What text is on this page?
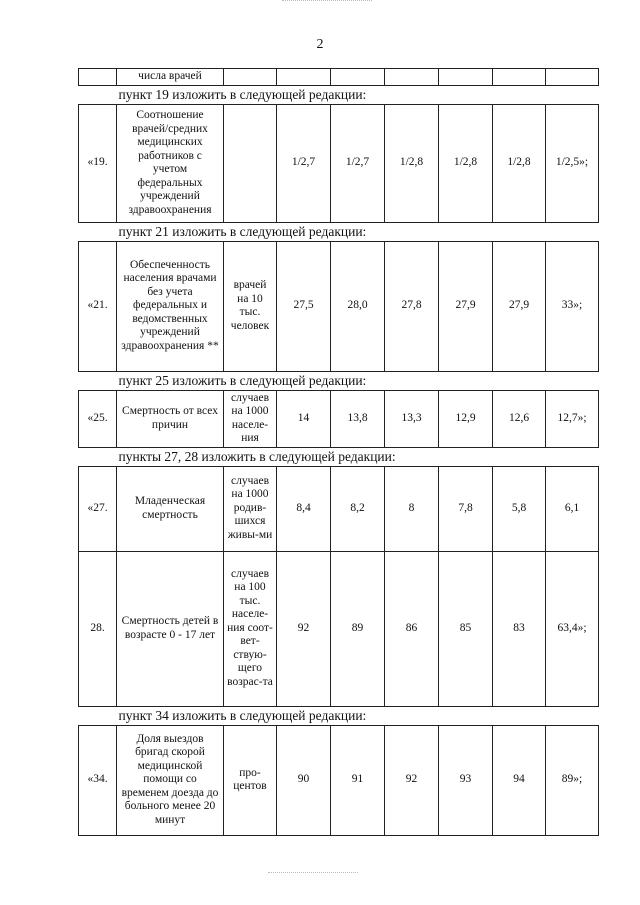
2
	числа врачей							
пункт 19 изложить в следующей редакции:								
«19.	Соотношение врачей/средних медицинских работников с учетом федеральных учреждений здравоохранения		1/2,7	1/2,7	1/2,8	1/2,8	1/2,8	1/2,5»;
пункт 21 изложить в следующей редакции:								
«21.	Обеспеченность населения врачами без учета федеральных и ведомственных учреждений здравоохранения **	врачей на 10 тыс. человек	27,5	28,0	27,8	27,9	27,9	33»;
пункт 25 изложить в следующей редакции:								
«25.	Смертность от всех причин	случаев на 1000 населе-ния	14	13,8	13,3	12,9	12,6	12,7»;
пункты 27, 28 изложить в следующей редакции:								
«27.	Младенческая смертность	случаев на 1000 родив-шихся живы-ми	8,4	8,2	8	7,8	5,8	6,1
28.	Смертность детей в возрасте 0 - 17 лет	случаев на 100 тыс. населе-ния соот-вет-ствую-щего возрас-та	92	89	86	85	83	63,4»;
пункт 34 изложить в следующей редакции:								
«34.	Доля выездов бригад скорой медицинской помощи со временем доезда до больного менее 20 минут	про-центов	90	91	92	93	94	89»;
